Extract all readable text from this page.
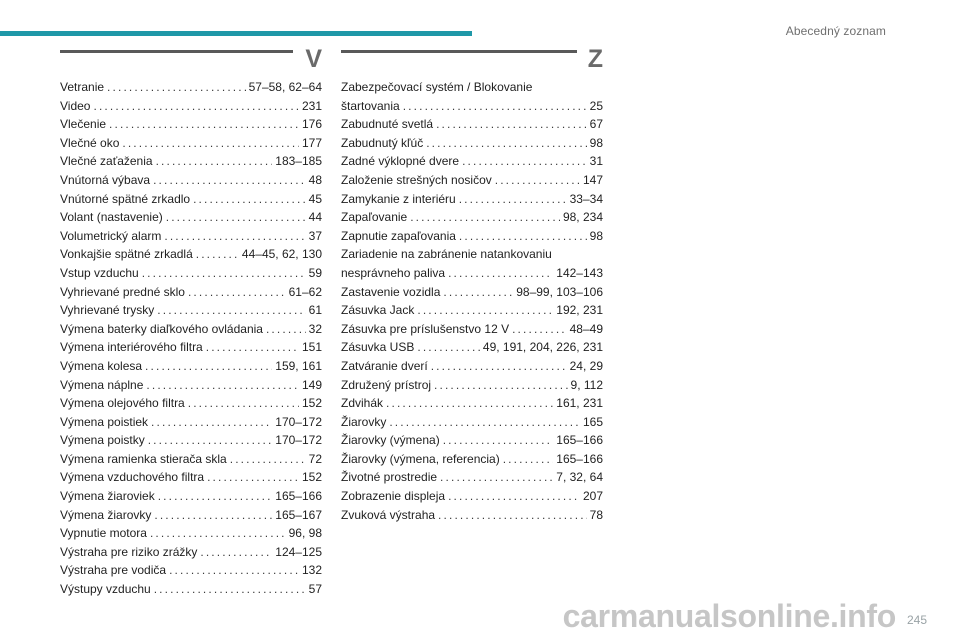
Abecedný zoznam
V
Vetranie . . .	57–58, 62–64
Video . . .	231
Vlečenie . . .	176
Vlečné oko . . .	177
Vlečné zaťaženia . . .	183–185
Vnútorná výbava . . .	48
Vnútorné spätné zrkadlo . . .	45
Volant (nastavenie) . . .	44
Volumetrický alarm . . .	37
Vonkajšie spätné zrkadlá . . .	44–45, 62, 130
Vstup vzduchu . . .	59
Vyhrievané predné sklo . . .	61–62
Vyhrievané trysky . . .	61
Výmena baterky diaľkového ovládania . . .	32
Výmena interiérového filtra . . .	151
Výmena kolesa . . .	159, 161
Výmena náplne . . .	149
Výmena olejového filtra . . .	152
Výmena poistiek . . .	170–172
Výmena poistky . . .	170–172
Výmena ramienka stierača skla . . .	72
Výmena vzduchového filtra . . .	152
Výmena žiaroviek . . .	165–166
Výmena žiarovky . . .	165–167
Vypnutie motora . . .	96, 98
Výstraha pre riziko zrážky . . .	124–125
Výstraha pre vodiča . . .	132
Výstupy vzduchu . . .	57
Z
Zabezpečovací systém / Blokovanie
štartovania . . .	25
Zabudnuté svetlá . . .	67
Zabudnutý kľúč . . .	98
Zadné výklopné dvere . . .	31
Založenie strešných nosičov . . .	147
Zamykanie z interiéru . . .	33–34
Zapaľovanie . . .	98, 234
Zapnutie zapaľovania . . .	98
Zariadenie na zabránenie natankovaniu
nesprávneho paliva . . .	142–143
Zastavenie vozidla . . .	98–99, 103–106
Zásuvka Jack . . .	192, 231
Zásuvka pre príslušenstvo 12 V . . .	48–49
Zásuvka USB . . .	49, 191, 204, 226, 231
Zatváranie dverí . . .	24, 29
Združený prístroj . . .	9, 112
Zdvihák . . .	161, 231
Žiarovky . . .	165
Žiarovky (výmena) . . .	165–166
Žiarovky (výmena, referencia) . . .	165–166
Životné prostredie . . .	7, 32, 64
Zobrazenie displeja . . .	207
Zvuková výstraha . . .	78
carmanualsonline.info 245
